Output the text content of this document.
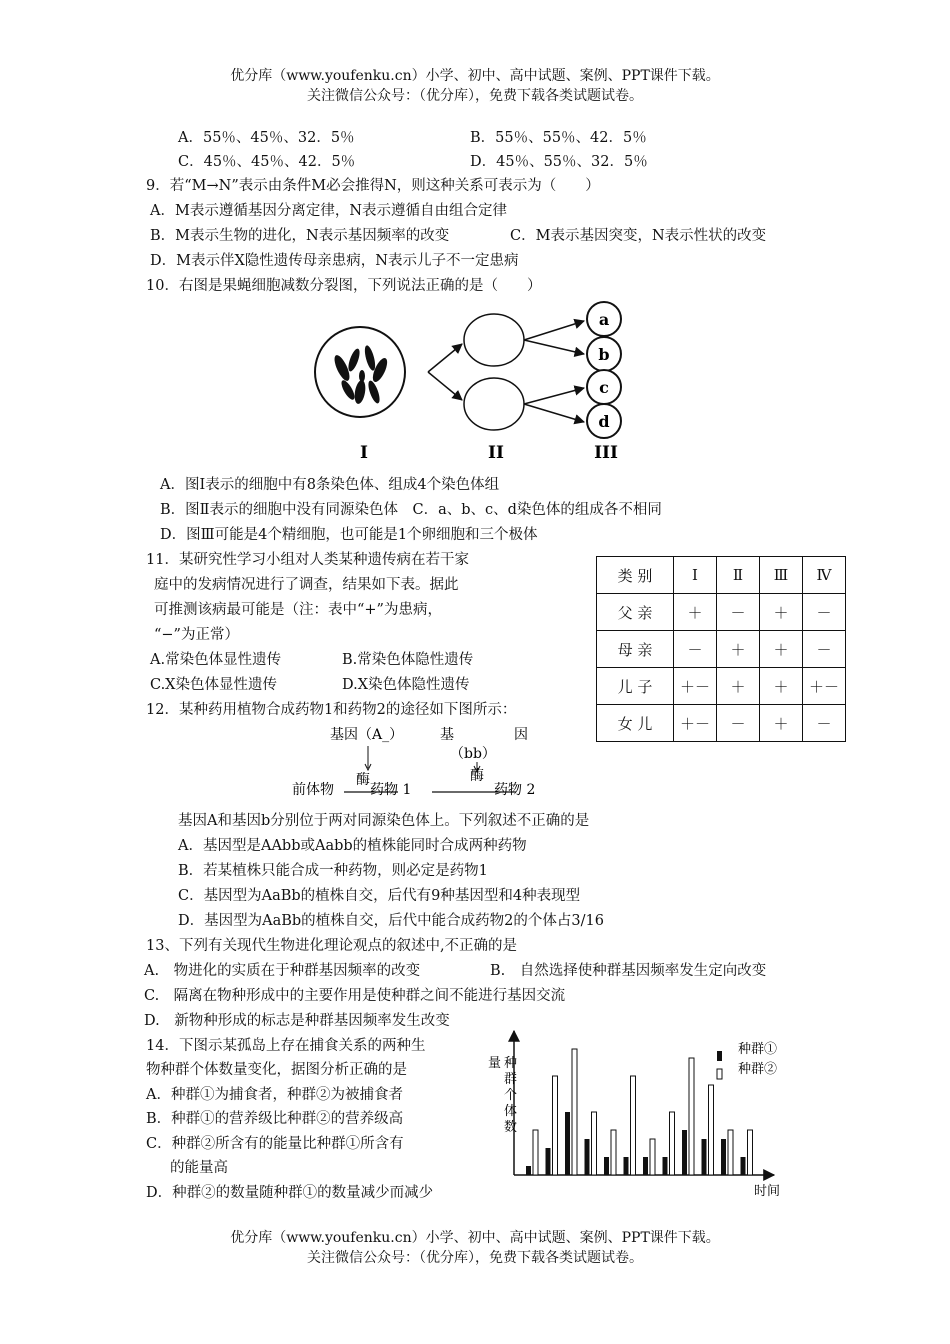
优分库（www.youfenku.cn）小学、初中、高中试题、案例、PPT课件下载。
关注微信公众号：（优分库），免费下载各类试题试卷。
A．55％、45％、32．5％	B．55％、55％、42．5％
C．45％、45％、42．5％	D．45％、55％、32．5％
9．若“M→N”表示由条件M必会推得N，则这种关系可表示为（　　）
A．M表示遵循基因分离定律，N表示遵循自由组合定律
B．M表示生物的进化，N表示基因频率的改变	C．M表示基因突变，N表示性状的改变
D．M表示伴X隐性遗传母亲患病，N表示儿子不一定患病
10．右图是果蝇细胞减数分裂图，下列说法正确的是（　　）
a
b
c
d
I	II	III
A．图Ⅰ表示的细胞中有8条染色体、组成4个染色体组
B．图Ⅱ表示的细胞中没有同源染色体　C．a、b、c、d染色体的组成各不相同
D．图Ⅲ可能是4个精细胞，也可能是1个卵细胞和三个极体
11．某研究性学习小组对人类某种遗传病在若干家
庭中的发病情况进行了调查，结果如下表。据此
可推测该病最可能是（注：表中“+”为患病，
“−”为正常）
A.常染色体显性遗传	B.常染色体隐性遗传
C.X染色体显性遗传	D.X染色体隐性遗传
类 别	Ⅰ	Ⅱ	Ⅲ	Ⅳ
父 亲	＋	－	＋	－
母 亲	－	＋	＋	－
儿 子	＋－	＋	＋	＋－
女 儿	＋－	－	＋	－
12．某种药用植物合成药物1和药物2的途径如下图所示：
基因（A_）	基	因
（bb）
酶	酶
前体物	药物 1	药物 2
基因A和基因b分别位于两对同源染色体上。下列叙述不正确的是
A．基因型是AAbb或Aabb的植株能同时合成两种药物
B．若某植株只能合成一种药物，则必定是药物1
C．基因型为AaBb的植株自交，后代有9种基因型和4种表现型
D．基因型为AaBb的植株自交，后代中能合成药物2的个体占3/16
13、下列有关现代生物进化理论观点的叙述中,不正确的是
A.　物进化的实质在于种群基因频率的改变	B.　自然选择使种群基因频率发生定向改变
C.　隔离在物种形成中的主要作用是使种群之间不能进行基因交流
D.　新物种形成的标志是种群基因频率发生改变
14．下图示某孤岛上存在捕食关系的两种生
物种群个体数量变化，据图分析正确的是
A．种群①为捕食者，种群②为被捕食者
B．种群①的营养级比种群②的营养级高
C．种群②所含有的能量比种群①所含有
的能量高
D．种群②的数量随种群①的数量减少而减少
量 种
群
个
体
数
时间
种群①
种群②
优分库（www.youfenku.cn）小学、初中、高中试题、案例、PPT课件下载。
关注微信公众号：（优分库），免费下载各类试题试卷。
